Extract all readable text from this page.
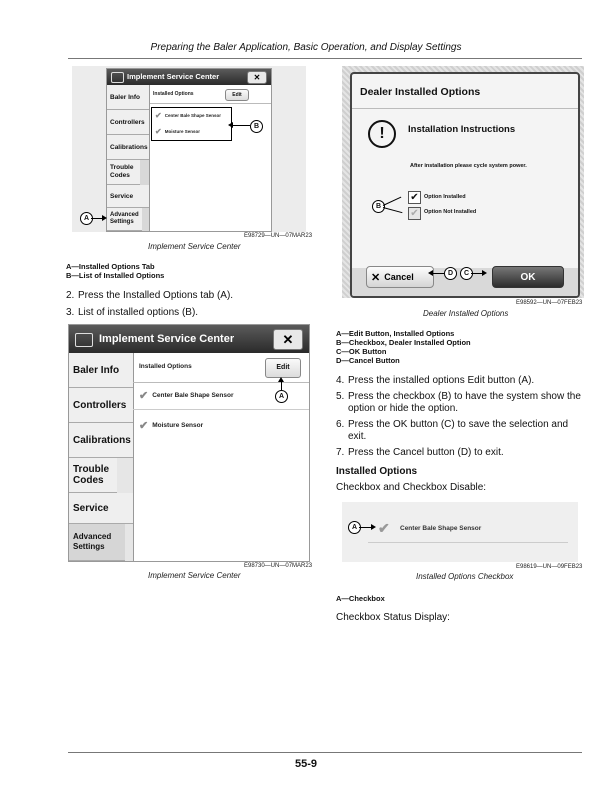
Preparing the Baler Application, Basic Operation, and Display Settings
Implement Service Center	✕
Baler Info
Controllers
Calibrations
Trouble Codes
Service
Advanced Settings
Installed Options	Edit
✔ Center Bale Shape Sensor
✔ Moisture Sensor
B
A
E98729—UN—07MAR23
Implement Service Center
A—Installed Options Tab
B—List of Installed Options
2. Press the Installed Options tab (A).
3. List of installed options (B).
Implement Service Center	✕
Baler Info
Controllers
Calibrations
Trouble Codes
Service
Advanced Settings
Installed Options	Edit
✔ Center Bale Shape Sensor
✔ Moisture Sensor
A
E98730—UN—07MAR23
Implement Service Center
Dealer Installed Options
!	Installation Instructions
After installation please cycle system power.
✔ Option Installed
✔ Option Not Installed
✕ Cancel	OK
B
D	C
E98592—UN—07FEB23
Dealer Installed Options
A—Edit Button, Installed Options
B—Checkbox, Dealer Installed Option
C—OK Button
D—Cancel Button
4. Press the installed options Edit button (A).
5. Press the checkbox (B) to have the system show the
option or hide the option.
6. Press the OK button (C) to save the selection and
exit.
7. Press the Cancel button (D) to exit.
Installed Options
Checkbox and Checkbox Disable:
✔ Center Bale Shape Sensor
A
E98619—UN—09FEB23
Installed Options Checkbox
A—Checkbox
Checkbox Status Display:
55-9
